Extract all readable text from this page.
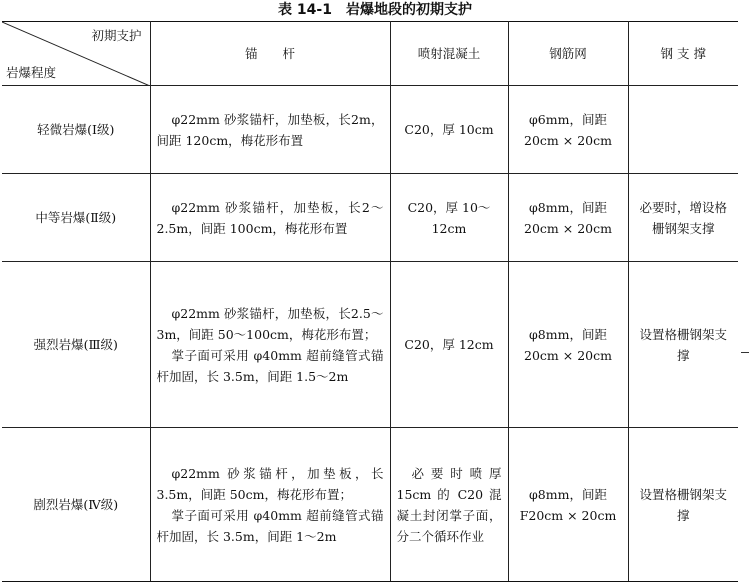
表 14-1　岩爆地段的初期支护
初期支护
岩爆程度	锚　　杆	喷射混凝土	钢筋网	钢 支 撑
轻微岩爆(Ⅰ级)	φ22mm 砂浆锚杆，加垫板，长2m，间距 120cm，梅花形布置	C20，厚 10cm	φ6mm，间距20cm × 20cm	
中等岩爆(Ⅱ级)	φ22mm 砂浆锚杆，加垫板，长2～2.5m，间距 100cm，梅花形布置	C20，厚 10～12cm	φ8mm，间距20cm × 20cm	必要时，增设格栅钢架支撑
强烈岩爆(Ⅲ级)	φ22mm 砂浆锚杆，加垫板，长2.5～3m，间距 50～100cm，梅花形布置；

掌子面可采用 φ40mm 超前缝管式锚杆加固，长 3.5m，间距 1.5～2m	C20，厚 12cm	φ8mm，间距20cm × 20cm	设置格栅钢架支撑
剧烈岩爆(Ⅳ级)	φ22mm 砂浆锚杆，加垫板，长3.5m，间距 50cm，梅花形布置；

掌子面可采用 φ40mm 超前缝管式锚杆加固，长 3.5m，间距 1～2m	必要时喷厚15cm 的 C20 混凝土封闭掌子面，分二个循环作业	φ8mm，间距F20cm × 20cm	设置格栅钢架支撑
